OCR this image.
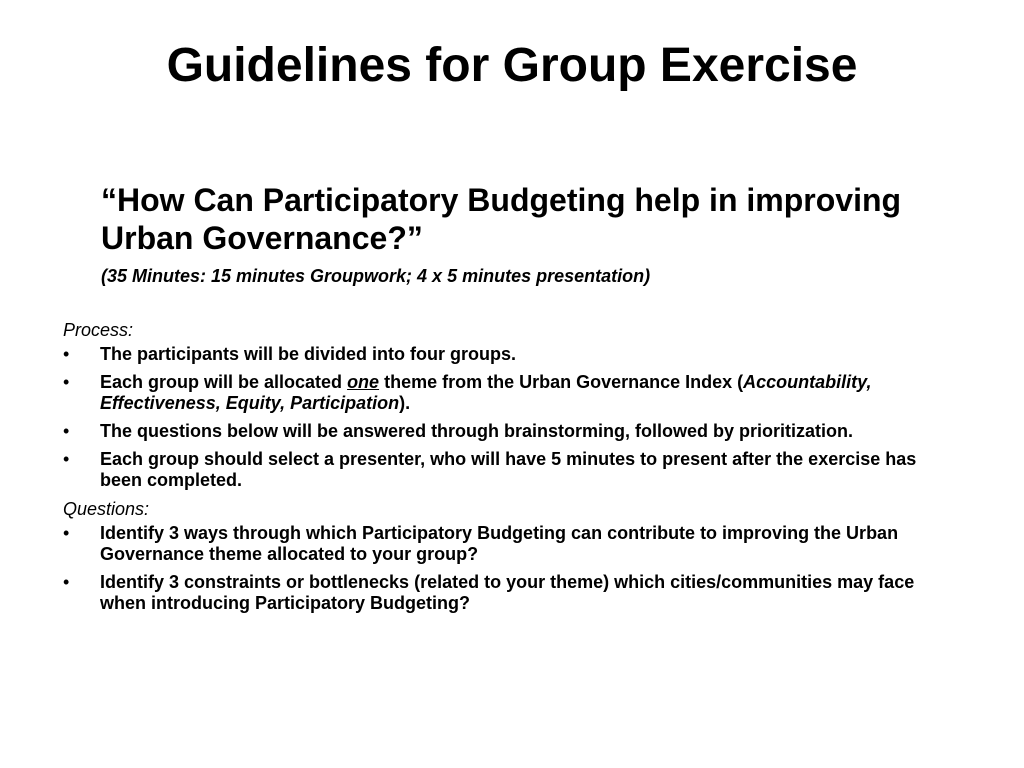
Guidelines for Group Exercise

“How Can Participatory Budgeting help in improving Urban Governance?”

(35 Minutes: 15 minutes Groupwork; 4 x 5 minutes presentation)

Process:

• The participants will be divided into four groups.
• Each group will be allocated one theme from the Urban Governance Index (Accountability, Effectiveness, Equity, Participation).
• The questions below will be answered through brainstorming, followed by prioritization.
• Each group should select a presenter, who will have 5 minutes to present after the exercise has been completed.

Questions:

• Identify 3 ways through which Participatory Budgeting can contribute to improving the Urban Governance theme allocated to your group?
• Identify 3 constraints or bottlenecks (related to your theme) which cities/communities may face when introducing Participatory Budgeting?
